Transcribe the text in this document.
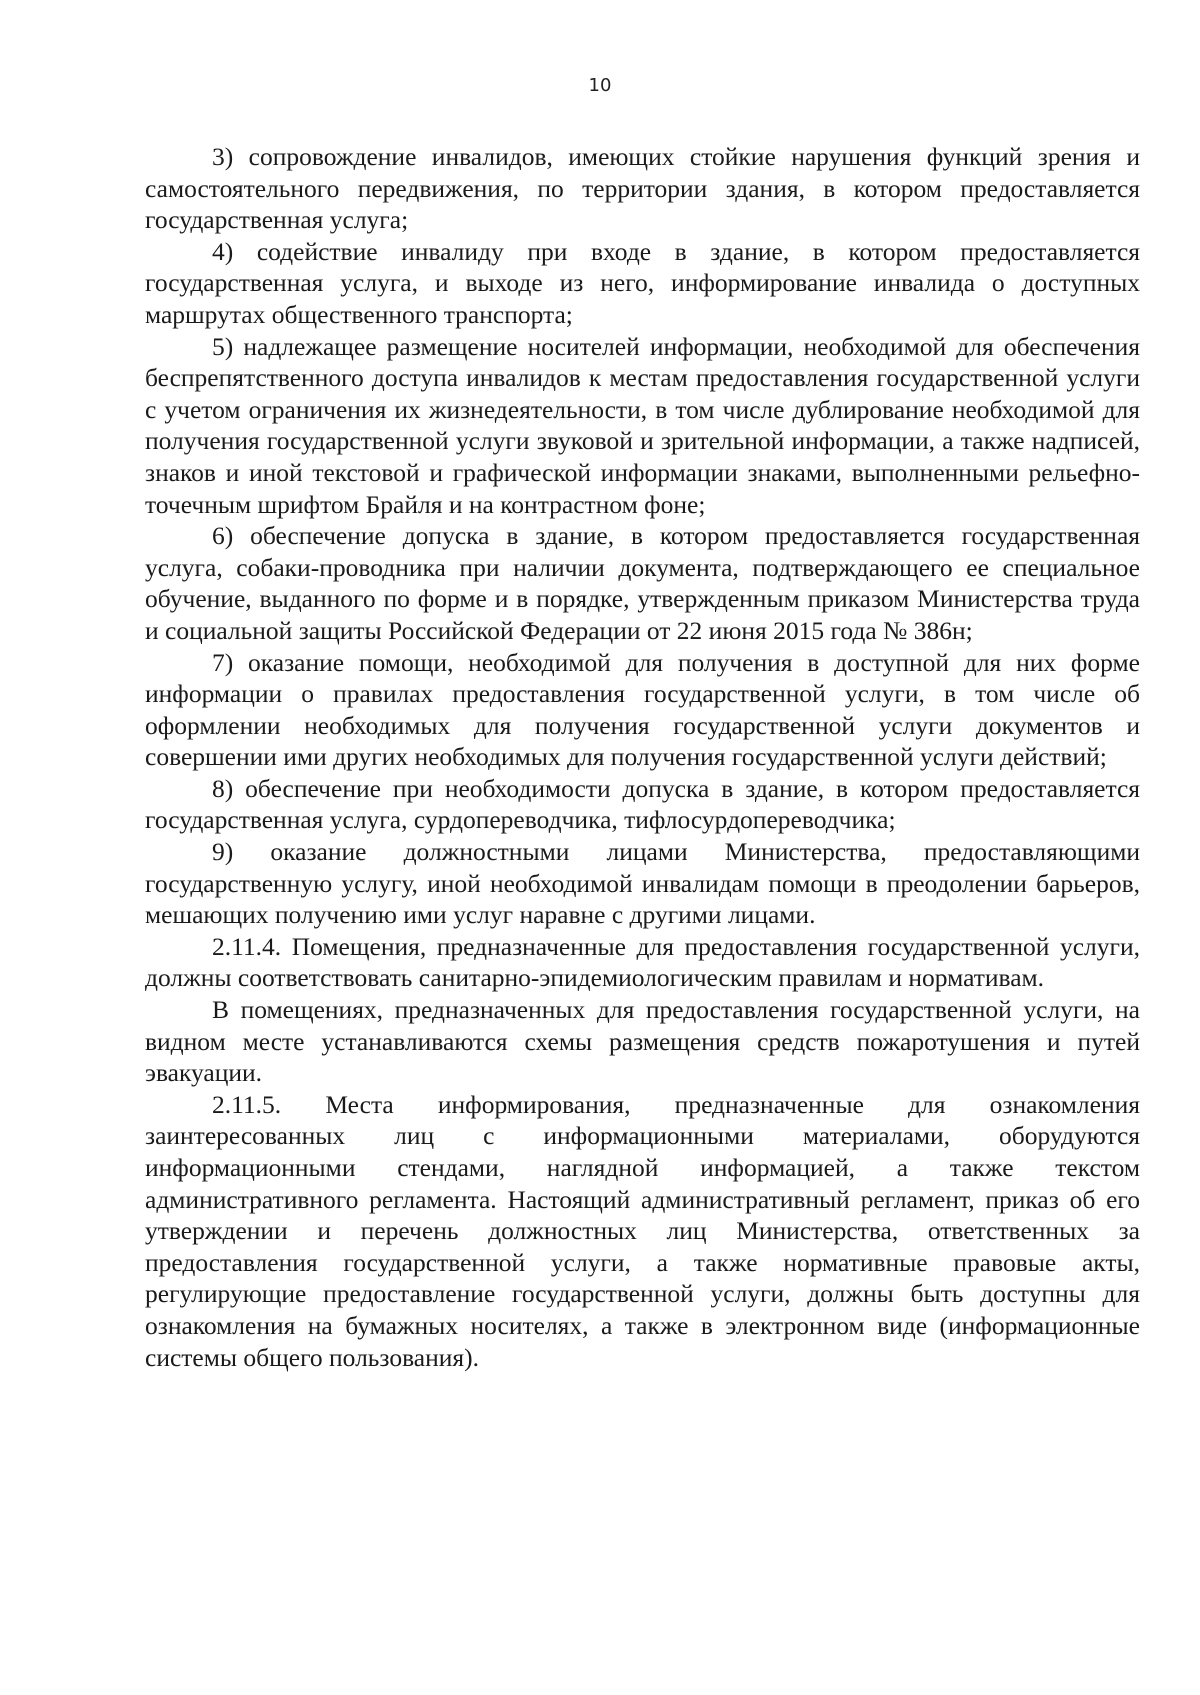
10

3) сопровождение инвалидов, имеющих стойкие нарушения функций зрения и самостоятельного передвижения, по территории здания, в котором предоставляется государственная услуга;

4) содействие инвалиду при входе в здание, в котором предоставляется государственная услуга, и выходе из него, информирование инвалида о доступных маршрутах общественного транспорта;

5) надлежащее размещение носителей информации, необходимой для обеспечения беспрепятственного доступа инвалидов к местам предоставления государственной услуги с учетом ограничения их жизнедеятельности, в том числе дублирование необходимой для получения государственной услуги звуковой и зрительной информации, а также надписей, знаков и иной текстовой и графической информации знаками, выполненными рельефно-точечным шрифтом Брайля и на контрастном фоне;

6) обеспечение допуска в здание, в котором предоставляется государственная услуга, собаки-проводника при наличии документа, подтверждающего ее специальное обучение, выданного по форме и в порядке, утвержденным приказом Министерства труда и социальной защиты Российской Федерации от 22 июня 2015 года № 386н;

7) оказание помощи, необходимой для получения в доступной для них форме информации о правилах предоставления государственной услуги, в том числе об оформлении необходимых для получения государственной услуги документов и совершении ими других необходимых для получения государственной услуги действий;

8) обеспечение при необходимости допуска в здание, в котором предоставляется государственная услуга, сурдопереводчика, тифлосурдопереводчика;

9) оказание должностными лицами Министерства, предоставляющими государственную услугу, иной необходимой инвалидам помощи в преодолении барьеров, мешающих получению ими услуг наравне с другими лицами.

2.11.4. Помещения, предназначенные для предоставления государственной услуги, должны соответствовать санитарно-эпидемиологическим правилам и нормативам.

В помещениях, предназначенных для предоставления государственной услуги, на видном месте устанавливаются схемы размещения средств пожаротушения и путей эвакуации.

2.11.5. Места информирования, предназначенные для ознакомления заинтересованных лиц с информационными материалами, оборудуются информационными стендами, наглядной информацией, а также текстом административного регламента. Настоящий административный регламент, приказ об его утверждении и перечень должностных лиц Министерства, ответственных за предоставления государственной услуги, а также нормативные правовые акты, регулирующие предоставление государственной услуги, должны быть доступны для ознакомления на бумажных носителях, а также в электронном виде (информационные системы общего пользования).
